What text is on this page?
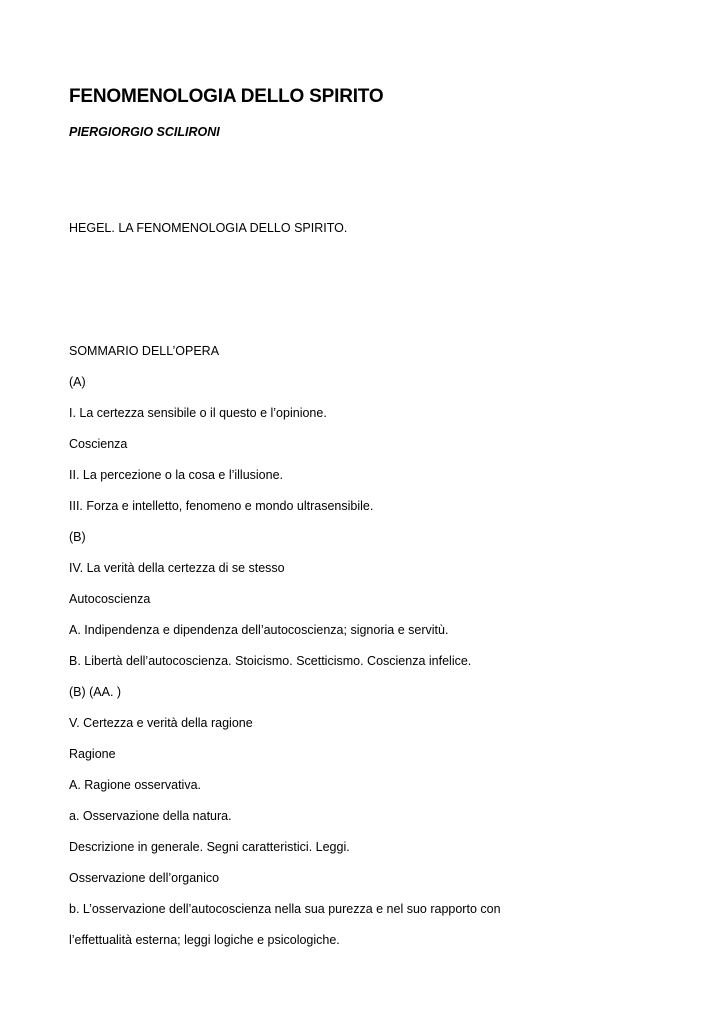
FENOMENOLOGIA DELLO SPIRITO
PIERGIORGIO SCILIRONI
HEGEL. LA FENOMENOLOGIA DELLO SPIRITO.
SOMMARIO DELL’OPERA
(A)
I. La certezza sensibile o il questo e l’opinione.
Coscienza
II. La percezione o la cosa e l’illusione.
III. Forza e intelletto, fenomeno e mondo ultrasensibile.
(B)
IV. La verità della certezza di se stesso
Autocoscienza
A. Indipendenza e dipendenza dell’autocoscienza; signoria e servitù.
B. Libertà dell’autocoscienza. Stoicismo. Scetticismo. Coscienza infelice.
(B) (AA. )
V. Certezza e verità della ragione
Ragione
A. Ragione osservativa.
a. Osservazione della natura.
Descrizione in generale. Segni caratteristici. Leggi.
Osservazione dell’organico
b. L’osservazione dell’autocoscienza nella sua purezza e nel suo rapporto con
l’effettualità esterna; leggi logiche e psicologiche.
